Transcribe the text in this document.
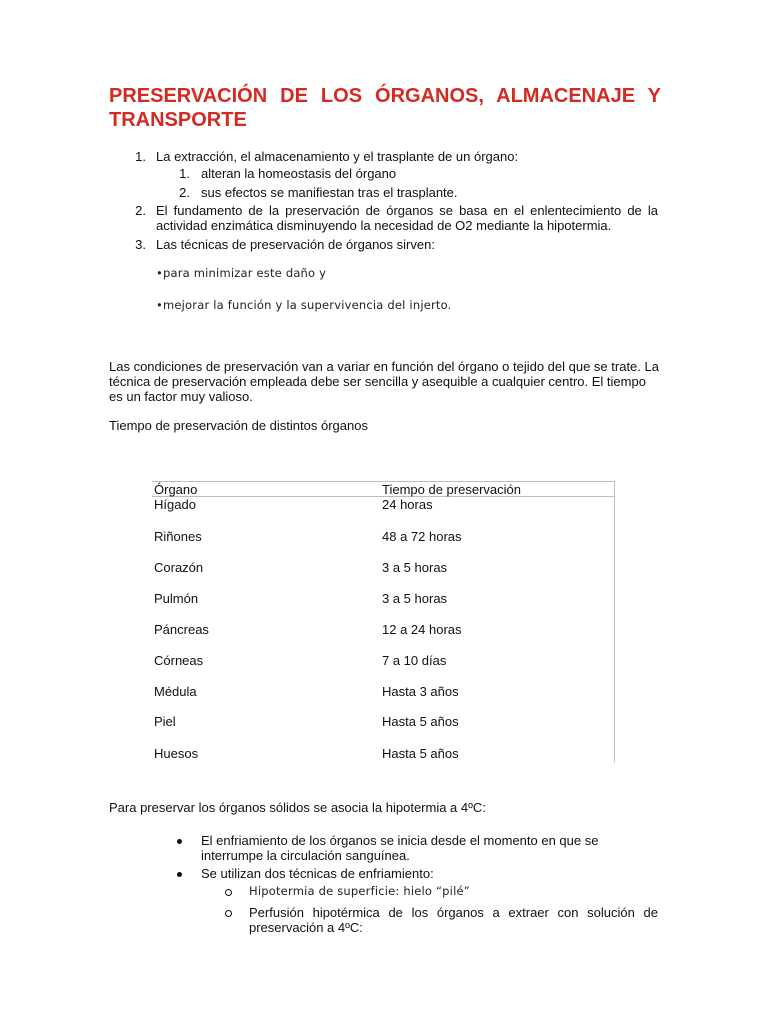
PRESERVACIÓN DE LOS ÓRGANOS, ALMACENAJE Y TRANSPORTE
1. La extracción, el almacenamiento y el trasplante de un órgano:

1. alteran la homeostasis del órgano

2. sus efectos se manifiestan tras el trasplante.

2. El fundamento de la preservación de órganos se basa en el enlentecimiento de la actividad enzimática disminuyendo la necesidad de O2 mediante la hipotermia.

3. Las técnicas de preservación de órganos sirven:

•para minimizar este daño y

•mejorar la función y la supervivencia del injerto.

Las condiciones de preservación van a variar en función del órgano o tejido del que se trate. La técnica de preservación empleada debe ser sencilla y asequible a cualquier centro. El tiempo es un factor muy valioso.

Tiempo de preservación de distintos órganos

Órgano	Tiempo de preservación
Hígado	24 horas
Riñones	48 a 72 horas
Corazón	3 a 5 horas
Pulmón	3 a 5 horas
Páncreas	12 a 24 horas
Córneas	7 a 10 días
Médula	Hasta 3 años
Piel	Hasta 5 años
Huesos	Hasta 5 años

Para preservar los órganos sólidos se asocia la hipotermia a 4ºC:

El enfriamiento de los órganos se inicia desde el momento en que se interrumpe la circulación sanguínea.

Se utilizan dos técnicas de enfriamiento:

Hipotermia de superficie: hielo “pilé”

Perfusión hipotérmica de los órganos a extraer con solución de preservación a 4ºC:
